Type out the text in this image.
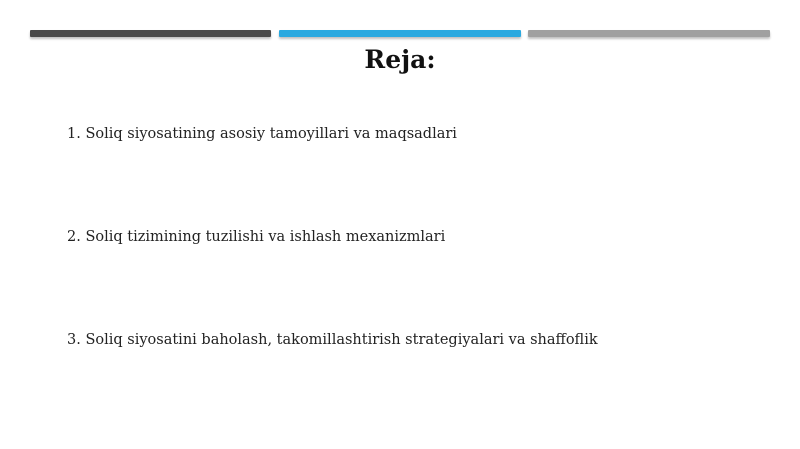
Reja:
1. Soliq siyosatining asosiy tamoyillari va maqsadlari
2. Soliq tizimining tuzilishi va ishlash mexanizmlari
3. Soliq siyosatini baholash, takomillashtirish strategiyalari va shaffoflik
